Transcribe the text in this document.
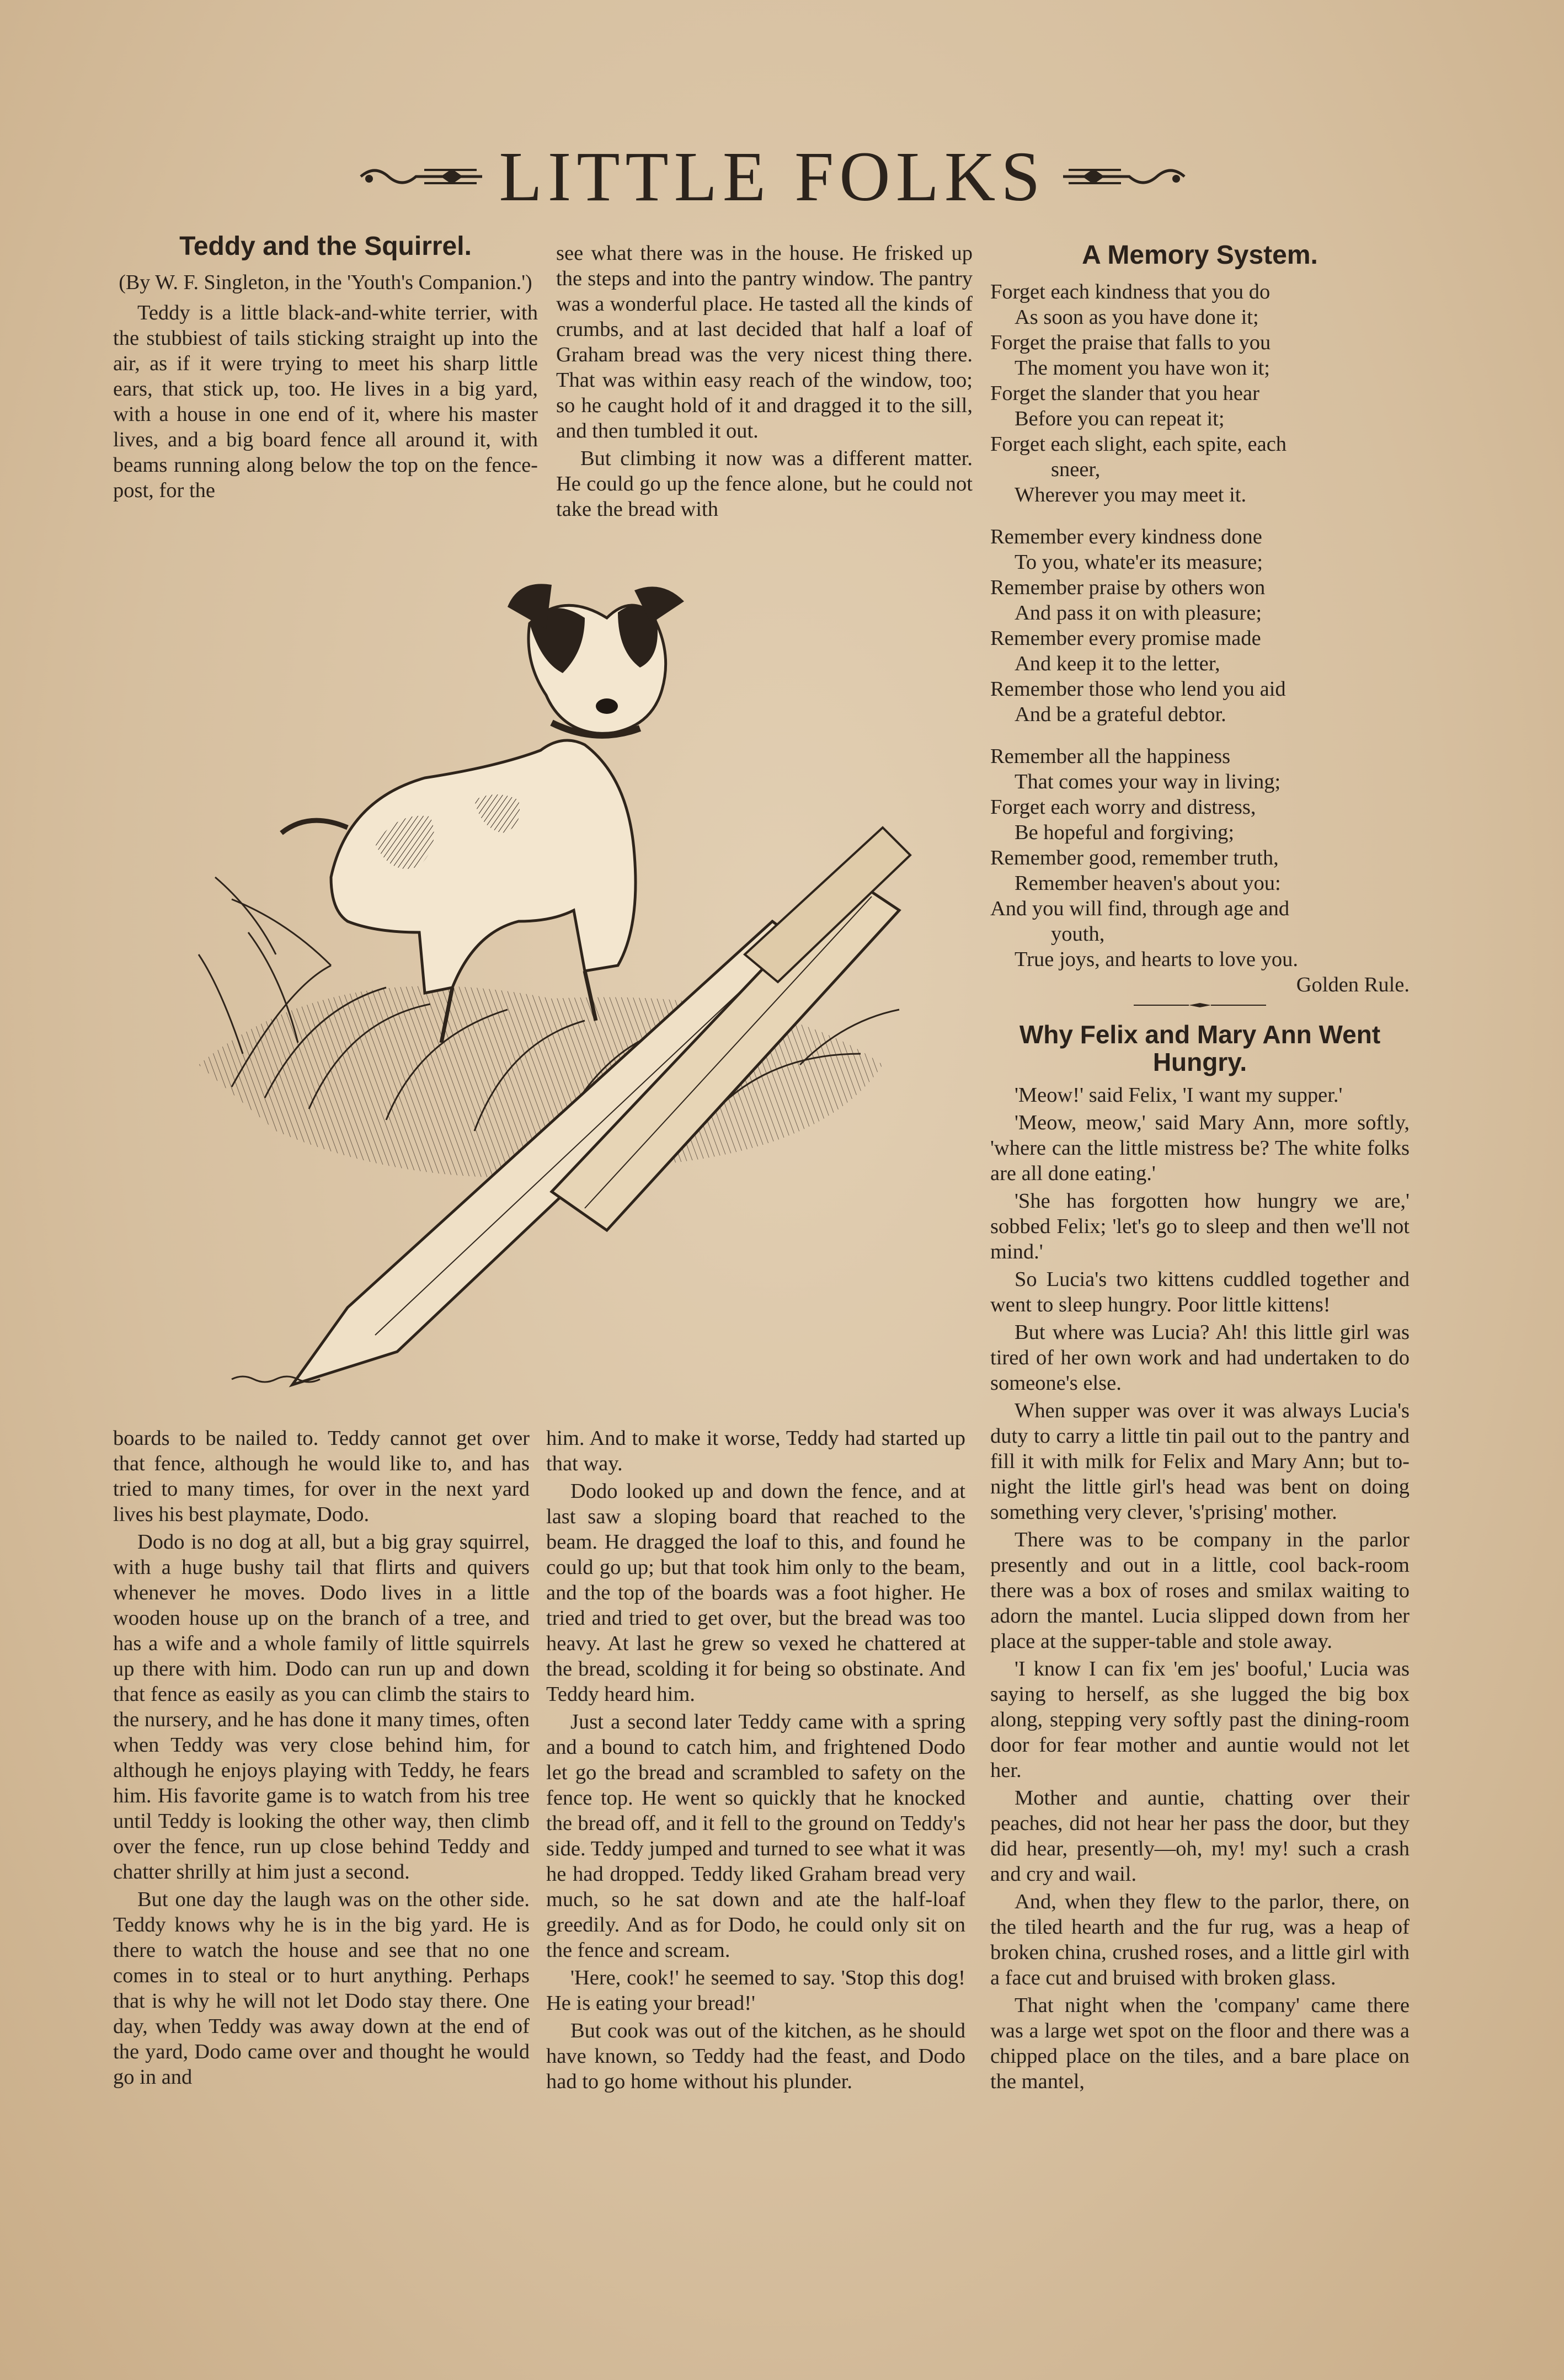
LITTLE FOLKS
Teddy and the Squirrel.
(By W. F. Singleton, in the 'Youth's Companion.')

Teddy is a little black-and-white terrier, with the stubbiest of tails sticking straight up into the air, as if it were trying to meet his sharp little ears, that stick up, too. He lives in a big yard, with a house in one end of it, where his master lives, and a big board fence all around it, with beams running along below the top on the fence-post, for the

see what there was in the house. He frisked up the steps and into the pantry window. The pantry was a wonderful place. He tasted all the kinds of crumbs, and at last decided that half a loaf of Graham bread was the very nicest thing there. That was within easy reach of the window, too; so he caught hold of it and dragged it to the sill, and then tumbled it out.

But climbing it now was a different matter. He could go up the fence alone, but he could not take the bread with

boards to be nailed to. Teddy cannot get over that fence, although he would like to, and has tried to many times, for over in the next yard lives his best playmate, Dodo.

Dodo is no dog at all, but a big gray squirrel, with a huge bushy tail that flirts and quivers whenever he moves. Dodo lives in a little wooden house up on the branch of a tree, and has a wife and a whole family of little squirrels up there with him. Dodo can run up and down that fence as easily as you can climb the stairs to the nursery, and he has done it many times, often when Teddy was very close behind him, for although he enjoys playing with Teddy, he fears him. His favorite game is to watch from his tree until Teddy is looking the other way, then climb over the fence, run up close behind Teddy and chatter shrilly at him just a second.

But one day the laugh was on the other side. Teddy knows why he is in the big yard. He is there to watch the house and see that no one comes in to steal or to hurt anything. Perhaps that is why he will not let Dodo stay there. One day, when Teddy was away down at the end of the yard, Dodo came over and thought he would go in and

him. And to make it worse, Teddy had started up that way.

Dodo looked up and down the fence, and at last saw a sloping board that reached to the beam. He dragged the loaf to this, and found he could go up; but that took him only to the beam, and the top of the boards was a foot higher. He tried and tried to get over, but the bread was too heavy. At last he grew so vexed he chattered at the bread, scolding it for being so obstinate. And Teddy heard him.

Just a second later Teddy came with a spring and a bound to catch him, and frightened Dodo let go the bread and scrambled to safety on the fence top. He went so quickly that he knocked the bread off, and it fell to the ground on Teddy's side. Teddy jumped and turned to see what it was he had dropped. Teddy liked Graham bread very much, so he sat down and ate the half-loaf greedily. And as for Dodo, he could only sit on the fence and scream.

'Here, cook!' he seemed to say. 'Stop this dog! He is eating your bread!'

But cook was out of the kitchen, as he should have known, so Teddy had the feast, and Dodo had to go home without his plunder.

A Memory System.
Forget each kindness that you do
As soon as you have done it;
Forget the praise that falls to you
The moment you have won it;
Forget the slander that you hear
Before you can repeat it;
Forget each slight, each spite, each
sneer,
Wherever you may meet it.
Remember every kindness done
To you, whate'er its measure;
Remember praise by others won
And pass it on with pleasure;
Remember every promise made
And keep it to the letter,
Remember those who lend you aid
And be a grateful debtor.
Remember all the happiness
That comes your way in living;
Forget each worry and distress,
Be hopeful and forgiving;
Remember good, remember truth,
Remember heaven's about you:
And you will find, through age and
youth,
True joys, and hearts to love you.
Golden Rule.
Why Felix and Mary Ann Went Hungry.

'Meow!' said Felix, 'I want my supper.'

'Meow, meow,' said Mary Ann, more softly, 'where can the little mistress be? The white folks are all done eating.'

'She has forgotten how hungry we are,' sobbed Felix; 'let's go to sleep and then we'll not mind.'

So Lucia's two kittens cuddled together and went to sleep hungry. Poor little kittens!

But where was Lucia? Ah! this little girl was tired of her own work and had undertaken to do someone's else.

When supper was over it was always Lucia's duty to carry a little tin pail out to the pantry and fill it with milk for Felix and Mary Ann; but to-night the little girl's head was bent on doing something very clever, 's'prising' mother.

There was to be company in the parlor presently and out in a little, cool back-room there was a box of roses and smilax waiting to adorn the mantel. Lucia slipped down from her place at the supper-table and stole away.

'I know I can fix 'em jes' booful,' Lucia was saying to herself, as she lugged the big box along, stepping very softly past the dining-room door for fear mother and auntie would not let her.

Mother and auntie, chatting over their peaches, did not hear her pass the door, but they did hear, presently—oh, my! my! such a crash and cry and wail.

And, when they flew to the parlor, there, on the tiled hearth and the fur rug, was a heap of broken china, crushed roses, and a little girl with a face cut and bruised with broken glass.

That night when the 'company' came there was a large wet spot on the floor and there was a chipped place on the tiles, and a bare place on the mantel,
